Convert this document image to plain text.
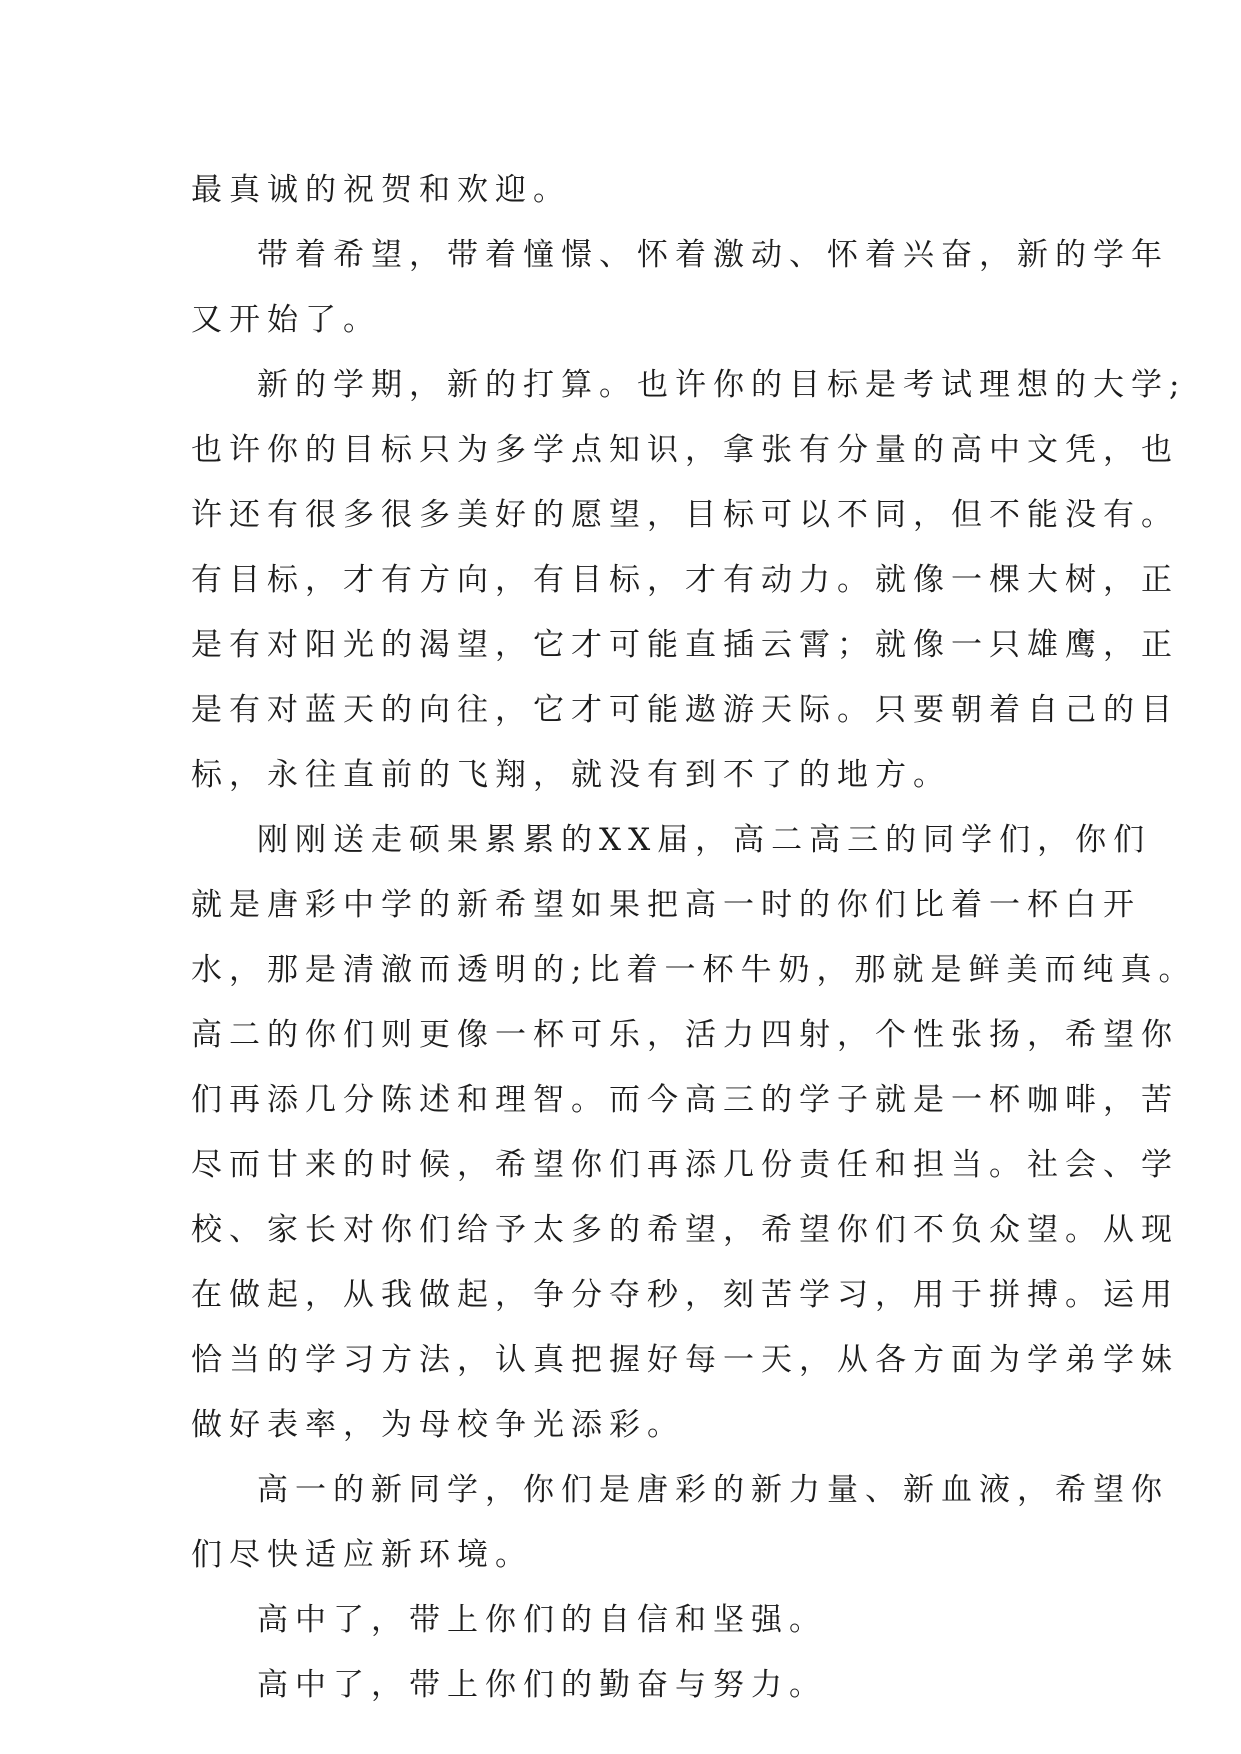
最真诚的祝贺和欢迎。
带着希望，带着憧憬、怀着激动、怀着兴奋，新的学年
又开始了。
新的学期，新的打算。也许你的目标是考试理想的大学;
也许你的目标只为多学点知识，拿张有分量的高中文凭，也
许还有很多很多美好的愿望，目标可以不同，但不能没有。
有目标，才有方向，有目标，才有动力。就像一棵大树，正
是有对阳光的渴望，它才可能直插云霄；就像一只雄鹰，正
是有对蓝天的向往，它才可能遨游天际。只要朝着自己的目
标，永往直前的飞翔，就没有到不了的地方。
刚刚送走硕果累累的XX届，高二高三的同学们，你们
就是唐彩中学的新希望如果把高一时的你们比着一杯白开
水，那是清澈而透明的;比着一杯牛奶，那就是鲜美而纯真。
高二的你们则更像一杯可乐，活力四射，个性张扬，希望你
们再添几分陈述和理智。而今高三的学子就是一杯咖啡，苦
尽而甘来的时候，希望你们再添几份责任和担当。社会、学
校、家长对你们给予太多的希望，希望你们不负众望。从现
在做起，从我做起，争分夺秒，刻苦学习，用于拼搏。运用
恰当的学习方法，认真把握好每一天，从各方面为学弟学妹
做好表率，为母校争光添彩。
高一的新同学，你们是唐彩的新力量、新血液，希望你
们尽快适应新环境。
高中了，带上你们的自信和坚强。
高中了，带上你们的勤奋与努力。
